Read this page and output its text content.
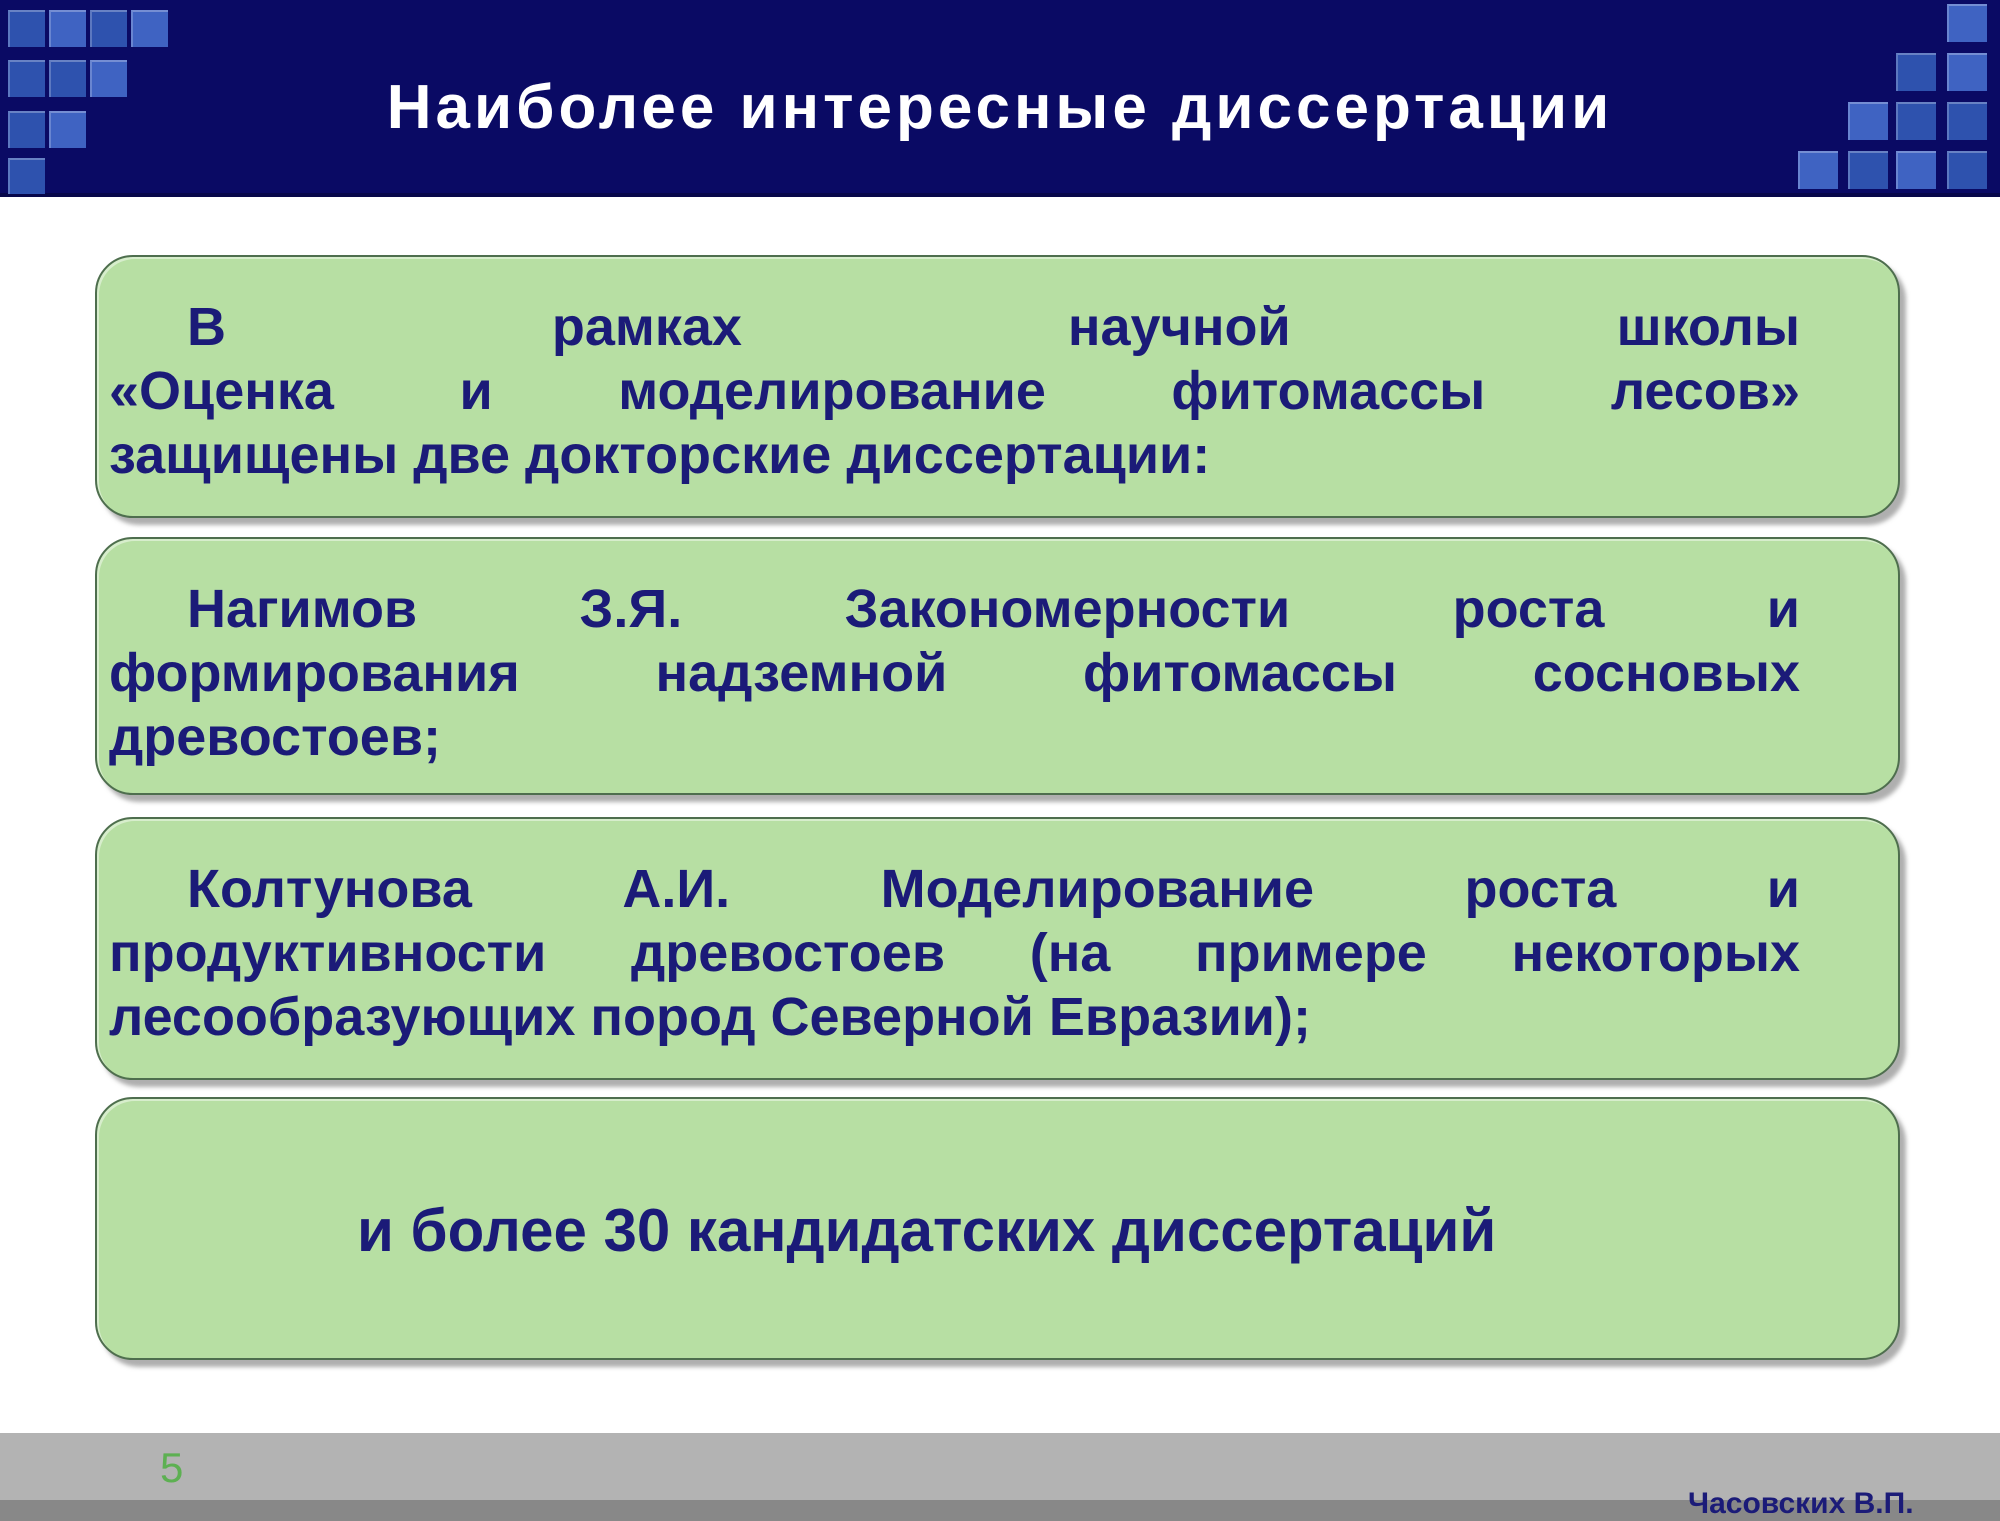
Наиболее интересные диссертации
В рамках научной школы
«Оценка и моделирование фитомассы лесов»
защищены две докторские диссертации:
Нагимов З.Я. Закономерности роста и
формирования надземной фитомассы сосновых
древостоев;
Колтунова А.И. Моделирование роста и
продуктивности древостоев (на примере некоторых
лесообразующих пород Северной Евразии);
и более 30 кандидатских диссертаций
5
Часовских В.П.
